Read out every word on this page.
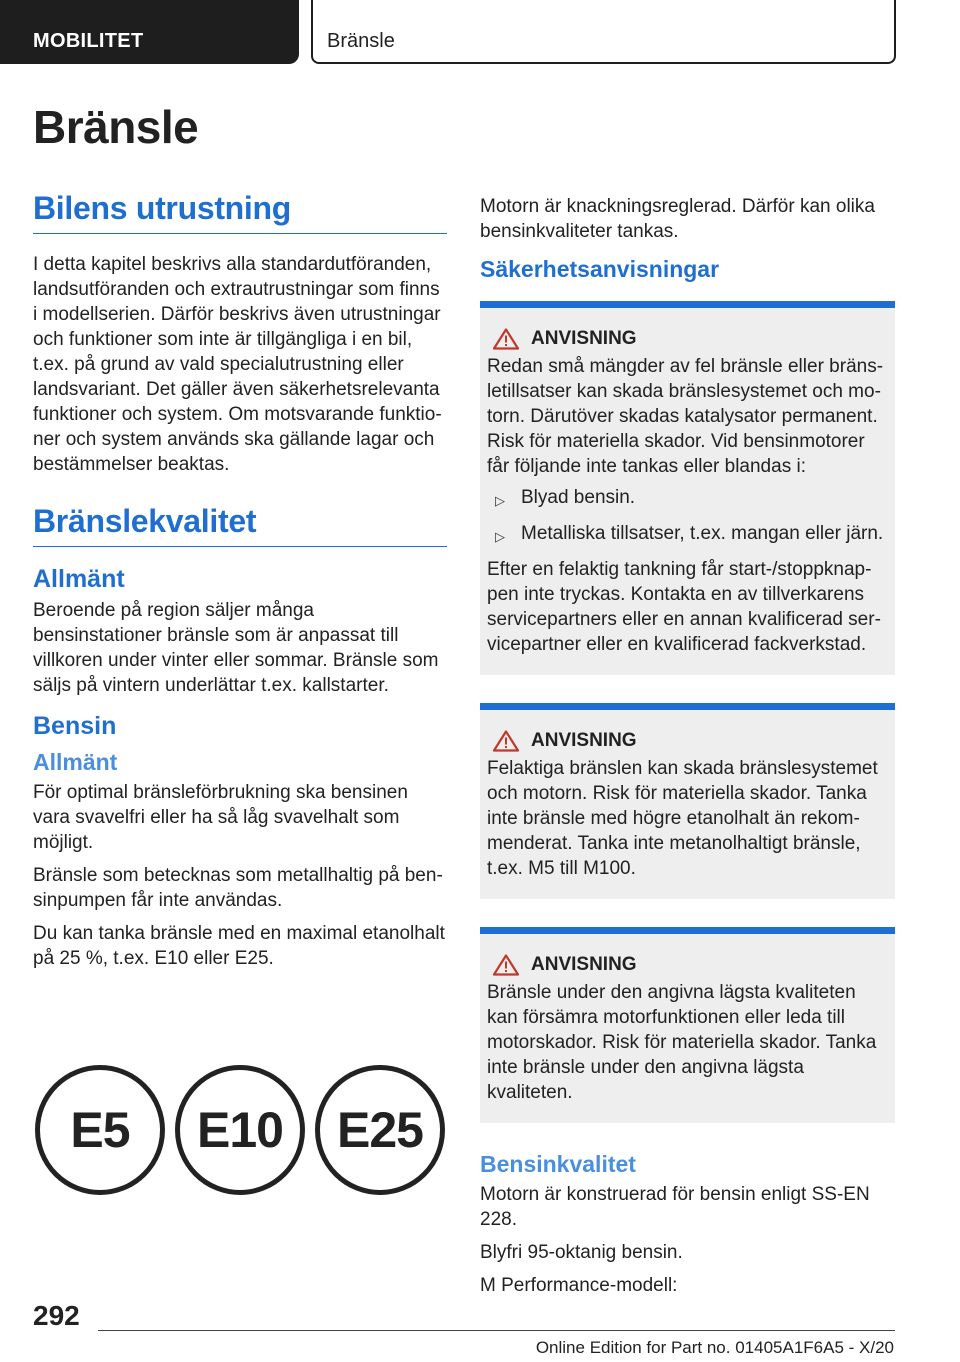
MOBILITET	Bränsle
Bränsle
Bilens utrustning

I detta kapitel beskrivs alla standardutföranden, landsutföranden och extrautrustningar som finns i modellserien. Därför beskrivs även utrustningar och funktioner som inte är tillgängliga i en bil, t.ex. på grund av vald specialutrustning eller landsvariant. Det gäller även säkerhetsrelevanta funktioner och system. Om motsvarande funktioner och system används ska gällande lagar och bestämmelser beaktas.

Bränslekvalitet
Allmänt

Beroende på region säljer många bensinstationer bränsle som är anpassat till villkoren under vinter eller sommar. Bränsle som säljs på vintern underlättar t.ex. kallstarter.

Bensin
Allmänt

För optimal bränsleförbrukning ska bensinen vara svavelfri eller ha så låg svavelhalt som möjligt.

Bränsle som betecknas som metallhaltig på bensinpumpen får inte användas.

Du kan tanka bränsle med en maximal etanolhalt på 25 %, t.ex. E10 eller E25.

E5	E10	E25

Motorn är knackningsreglerad. Därför kan olika bensinkvaliteter tankas.

Säkerhetsanvisningar
ANVISNING

Redan små mängder av fel bränsle eller bränsletillsatser kan skada bränslesystemet och motorn. Därutöver skadas katalysator permanent. Risk för materiella skador. Vid bensinmotorer får följande inte tankas eller blandas i:

▷ Blyad bensin.
▷ Metalliska tillsatser, t.ex. mangan eller järn.

Efter en felaktig tankning får start-/stoppknappen inte tryckas. Kontakta en av tillverkarens servicepartners eller en annan kvalificerad servicepartner eller en kvalificerad fackverkstad.

ANVISNING

Felaktiga bränslen kan skada bränslesystemet och motorn. Risk för materiella skador. Tanka inte bränsle med högre etanolhalt än rekommenderat. Tanka inte metanolhaltigt bränsle, t.ex. M5 till M100.

ANVISNING

Bränsle under den angivna lägsta kvaliteten kan försämra motorfunktionen eller leda till motorskador. Risk för materiella skador. Tanka inte bränsle under den angivna lägsta kvaliteten.

Bensinkvalitet

Motorn är konstruerad för bensin enligt SS-EN 228.

Blyfri 95-oktanig bensin.

M Performance-modell:

292
Online Edition for Part no. 01405A1F6A5 - X/20
